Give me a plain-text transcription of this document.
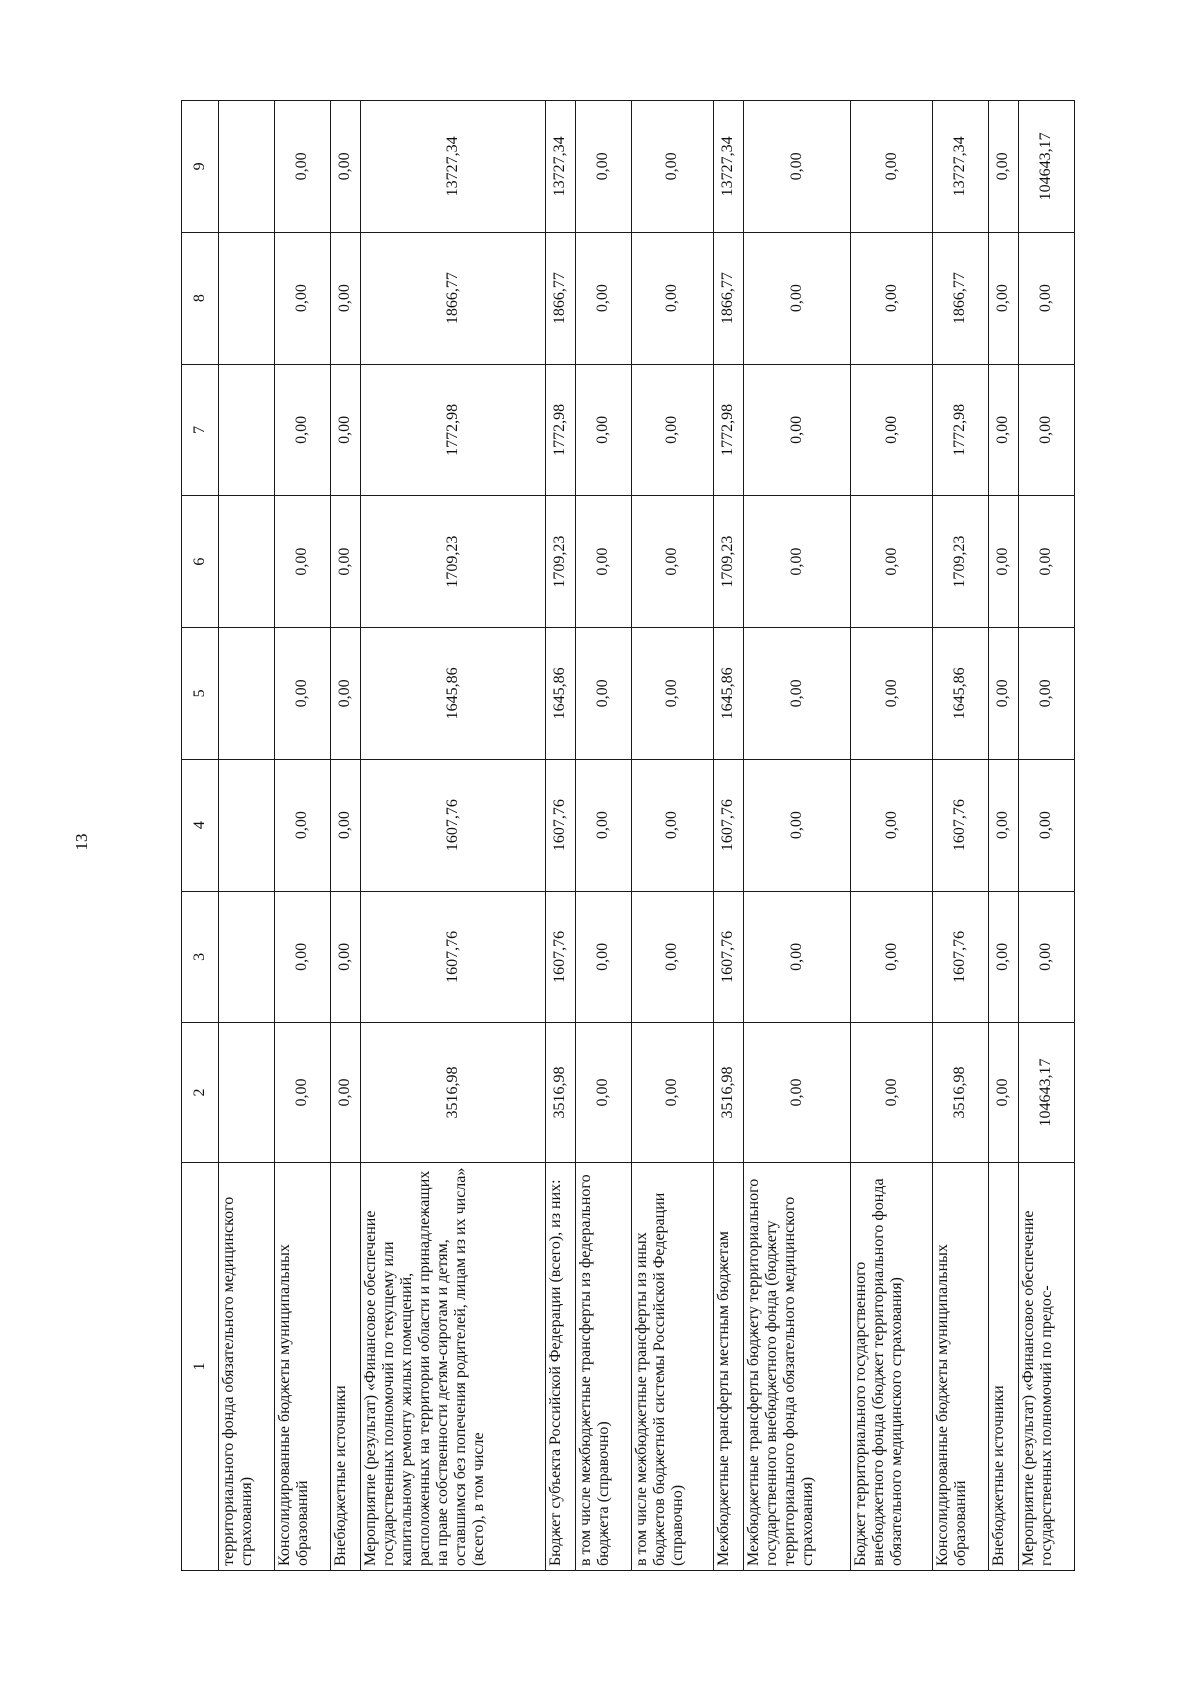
13
1	2	3	4	5	6	7	8	9
территориального фонда обязательного медицинского страхования)								
Консолидированные бюджеты муниципальных образований	0,00	0,00	0,00	0,00	0,00	0,00	0,00	0,00
Внебюджетные источники	0,00	0,00	0,00	0,00	0,00	0,00	0,00	0,00
Мероприятие (результат) «Финансовое обеспечение государственных полномочий по текущему или капитальному ремонту жилых помещений, расположенных на территории области и принадлежащих на праве собственности детям-сиротам и детям, оставшимся без попечения родителей, лицам из их числа» (всего), в том числе	3516,98	1607,76	1607,76	1645,86	1709,23	1772,98	1866,77	13727,34
Бюджет субъекта Российской Федерации (всего), из них:	3516,98	1607,76	1607,76	1645,86	1709,23	1772,98	1866,77	13727,34
в том числе межбюджетные трансферты из федерального бюджета (справочно)	0,00	0,00	0,00	0,00	0,00	0,00	0,00	0,00
в том числе межбюджетные трансферты из иных бюджетов бюджетной системы Российской Федерации (справочно)	0,00	0,00	0,00	0,00	0,00	0,00	0,00	0,00
Межбюджетные трансферты местным бюджетам	3516,98	1607,76	1607,76	1645,86	1709,23	1772,98	1866,77	13727,34
Межбюджетные трансферты бюджету территориального государственного внебюджетного фонда (бюджету территориального фонда обязательного медицинского страхования)	0,00	0,00	0,00	0,00	0,00	0,00	0,00	0,00
Бюджет территориального государственного внебюджетного фонда (бюджет территориального фонда обязательного медицинского страхования)	0,00	0,00	0,00	0,00	0,00	0,00	0,00	0,00
Консолидированные бюджеты муниципальных образований	3516,98	1607,76	1607,76	1645,86	1709,23	1772,98	1866,77	13727,34
Внебюджетные источники	0,00	0,00	0,00	0,00	0,00	0,00	0,00	0,00
Мероприятие (результат) «Финансовое обеспечение государственных полномочий по предос-	104643,17	0,00	0,00	0,00	0,00	0,00	0,00	104643,17
